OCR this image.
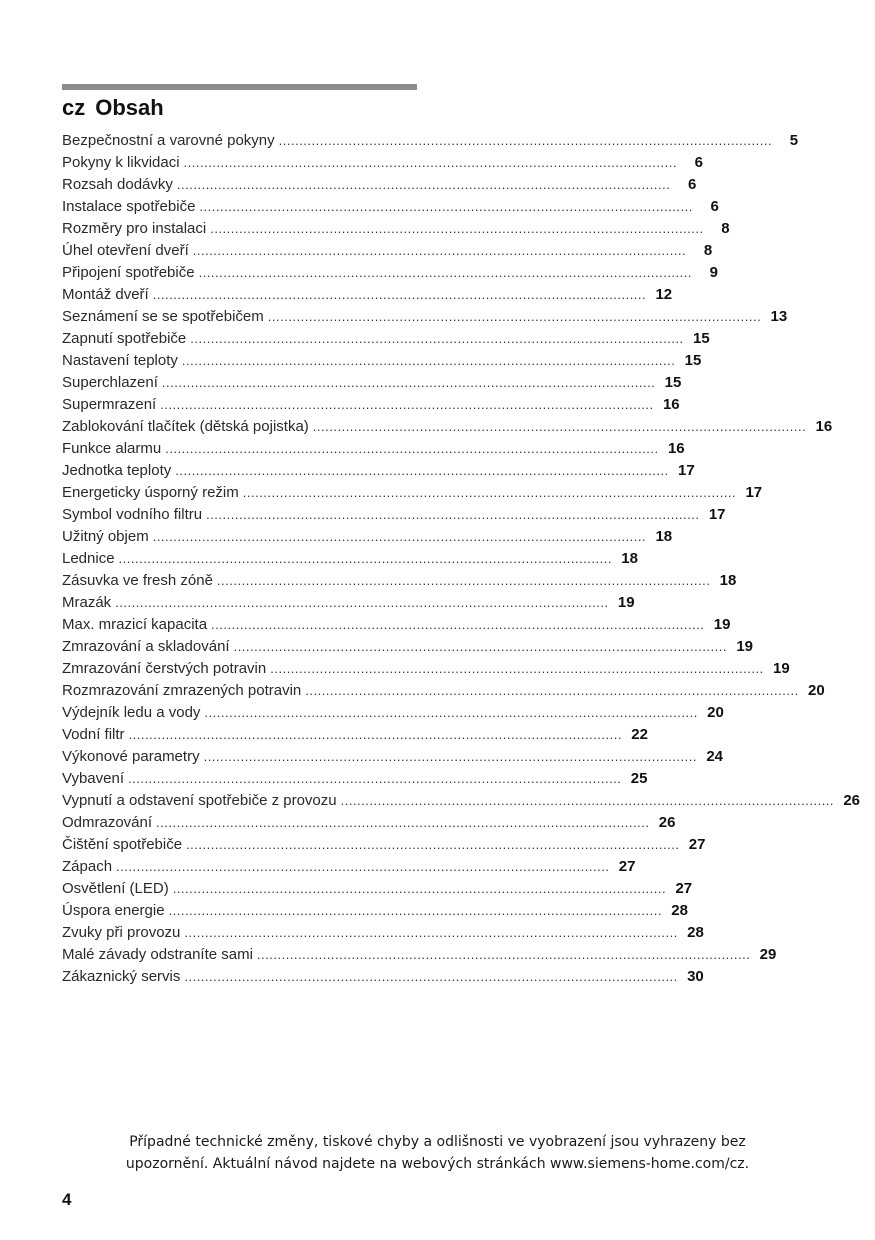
cz Obsah
Bezpečnostní a varovné pokyny ........................................................................................................................	5
Pokyny k likvidaci ........................................................................................................................	6
Rozsah dodávky ........................................................................................................................	6
Instalace spotřebiče ........................................................................................................................	6
Rozměry pro instalaci ........................................................................................................................	8
Úhel otevření dveří ........................................................................................................................	8
Připojení spotřebiče ........................................................................................................................	9
Montáž dveří ........................................................................................................................ 12
Seznámení se se spotřebičem ........................................................................................................................ 13
Zapnutí spotřebiče ........................................................................................................................ 15
Nastavení teploty ........................................................................................................................ 15
Superchlazení ........................................................................................................................ 15
Supermrazení ........................................................................................................................ 16
Zablokování tlačítek (dětská pojistka) ........................................................................................................................ 16
Funkce alarmu ........................................................................................................................ 16
Jednotka teploty ........................................................................................................................ 17
Energeticky úsporný režim ........................................................................................................................ 17
Symbol vodního filtru ........................................................................................................................ 17
Užitný objem ........................................................................................................................ 18
Lednice ........................................................................................................................ 18
Zásuvka ve fresh zóně ........................................................................................................................ 18
Mrazák ........................................................................................................................ 19
Max. mrazicí kapacita ........................................................................................................................ 19
Zmrazování a skladování ........................................................................................................................ 19
Zmrazování čerstvých potravin ........................................................................................................................ 19
Rozmrazování zmrazených potravin ........................................................................................................................ 20
Výdejník ledu a vody ........................................................................................................................ 20
Vodní filtr ........................................................................................................................ 22
Výkonové parametry ........................................................................................................................ 24
Vybavení ........................................................................................................................ 25
Vypnutí a odstavení spotřebiče z provozu ........................................................................................................................ 26
Odmrazování ........................................................................................................................ 26
Čištění spotřebiče ........................................................................................................................ 27
Zápach ........................................................................................................................ 27
Osvětlení (LED) ........................................................................................................................ 27
Úspora energie ........................................................................................................................ 28
Zvuky při provozu ........................................................................................................................ 28
Malé závady odstraníte sami ........................................................................................................................ 29
Zákaznický servis ........................................................................................................................ 30

Případné technické změny, tiskové chyby a odlišnosti ve vyobrazení jsou vyhrazeny bez
upozornění. Aktuální návod najdete na webových stránkách www.siemens-home.com/cz.

4
